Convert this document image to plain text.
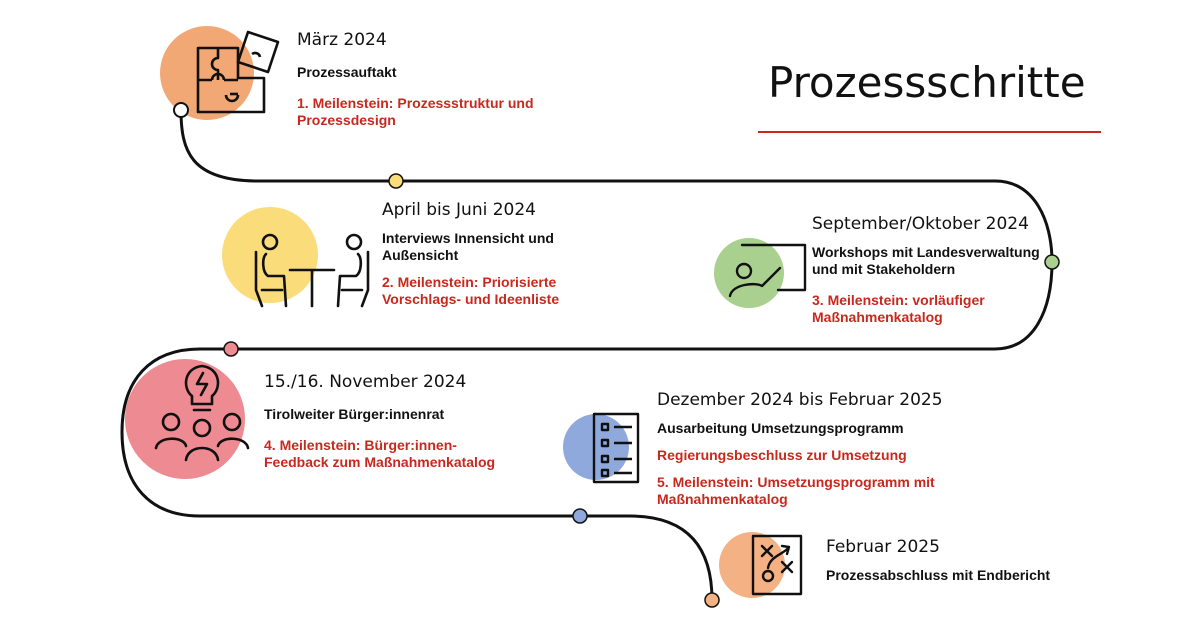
Prozessschritte
März 2024
Prozessauftakt
1. Meilenstein: Prozessstruktur und Prozessdesign
April bis Juni 2024
Interviews Innensicht und Außensicht
2. Meilenstein: Priorisierte Vorschlags- und Ideenliste
September/Oktober 2024
Workshops mit Landesverwaltung und mit Stakeholdern
3. Meilenstein: vorläufiger Maßnahmenkatalog
15./16. November 2024
Tirolweiter Bürger:innenrat
4. Meilenstein: Bürger:innen-Feedback zum Maßnahmenkatalog
Dezember 2024 bis Februar 2025
Ausarbeitung Umsetzungsprogramm
Regierungsbeschluss zur Umsetzung
5. Meilenstein: Umsetzungsprogramm mit Maßnahmenkatalog
Februar 2025
Prozessabschluss mit Endbericht
